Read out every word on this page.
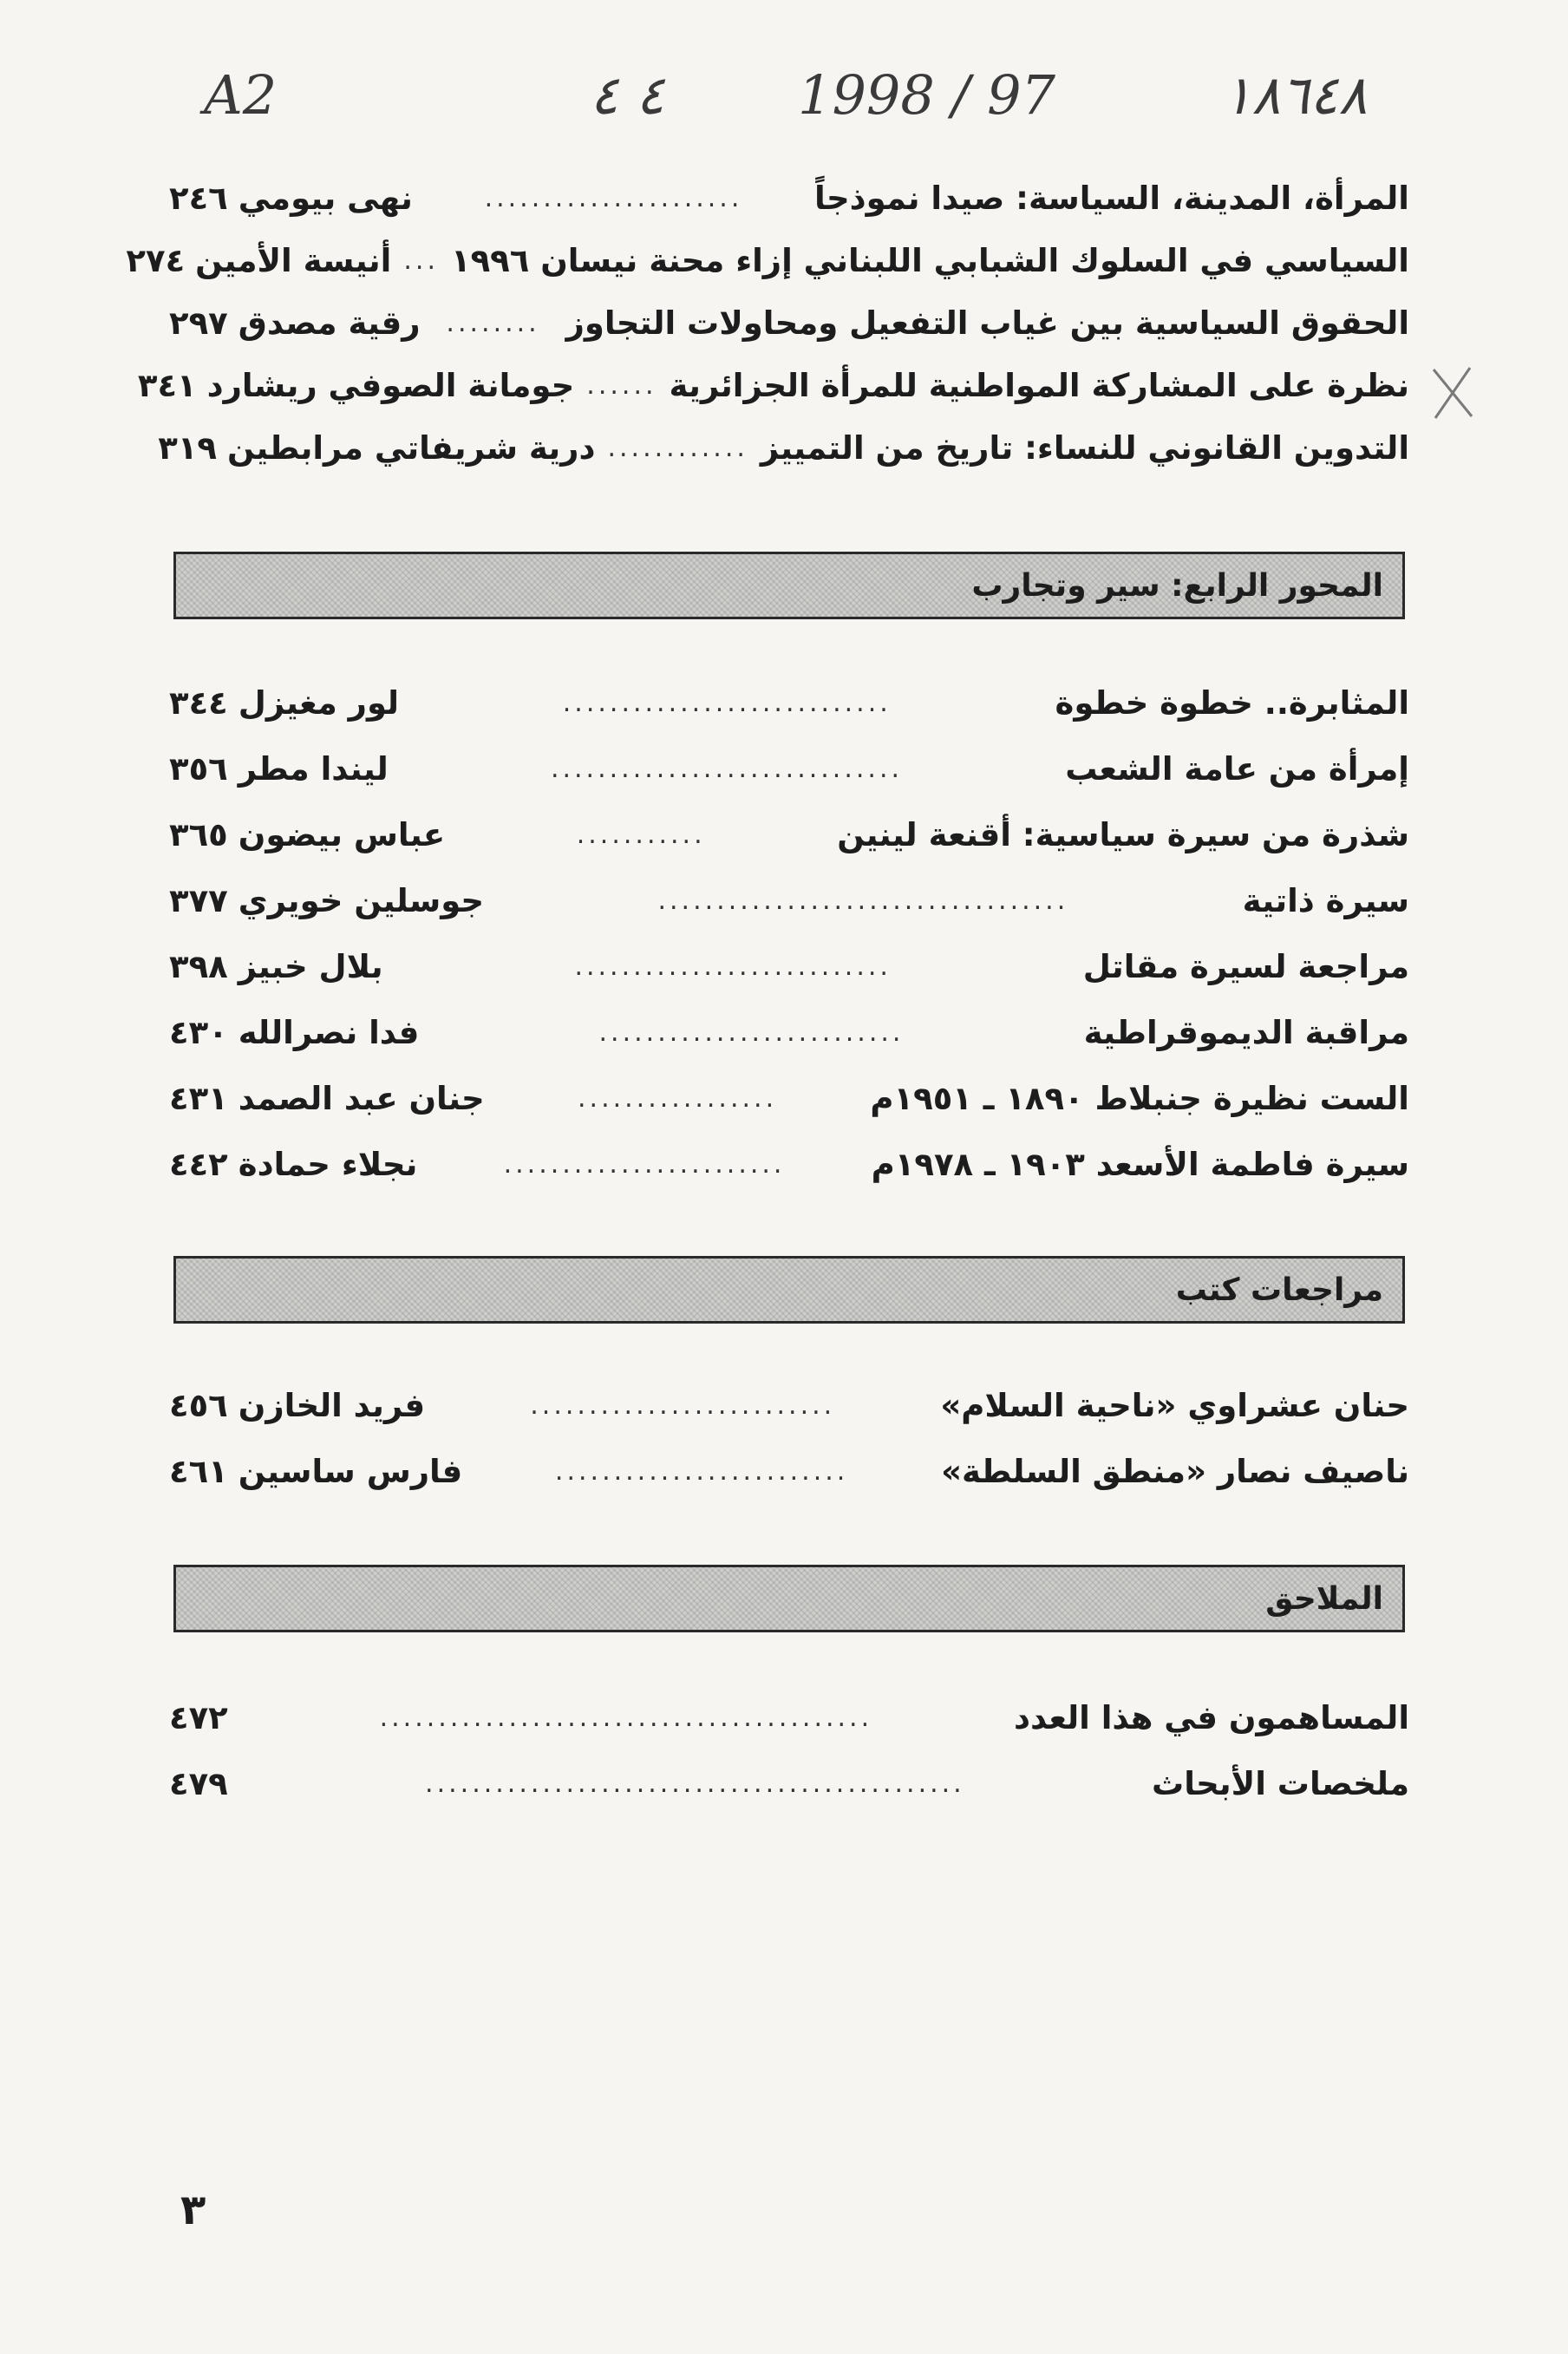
A2	٤ ٤ 1998 / 97	١٨٦٤٨
المرأة، المدينة، السياسة: صيدا نموذجاً
......................
نهى بيومي
٢٤٦
السياسي في السلوك الشبابي اللبناني إزاء محنة نيسان ١٩٩٦
...
أنيسة الأمين
٢٧٤
الحقوق السياسية بين غياب التفعيل ومحاولات التجاوز
........
رقية مصدق
٢٩٧
نظرة على المشاركة المواطنية للمرأة الجزائرية
......
جومانة الصوفي ريشارد
٣٤١
التدوين القانوني للنساء: تاريخ من التمييز
............
درية شريفاتي مرابطين
٣١٩
المحور الرابع: سير وتجارب
المثابرة.. خطوة خطوة
............................
لور مغيزل
٣٤٤
إمرأة من عامة الشعب
..............................
ليندا مطر
٣٥٦
شذرة من سيرة سياسية: أقنعة لينين
...........
عباس بيضون
٣٦٥
سيرة ذاتية
...................................
جوسلين خويري
٣٧٧
مراجعة لسيرة مقاتل
...........................
بلال خبيز
٣٩٨
مراقبة الديموقراطية
..........................
فدا نصرالله
٤٣٠
الست نظيرة جنبلاط ١٨٩٠ ـ ١٩٥١م
.................
جنان عبد الصمد
٤٣١
سيرة فاطمة الأسعد ١٩٠٣ ـ ١٩٧٨م
........................
نجلاء حمادة
٤٤٢
مراجعات كتب
حنان عشراوي «ناحية السلام»
..........................
فريد الخازن
٤٥٦
ناصيف نصار «منطق السلطة»
.........................
فارس ساسين
٤٦١
الملاحق
المساهمون في هذا العدد
..........................................
٤٧٢
ملخصات الأبحاث
..............................................
٤٧٩
٣
